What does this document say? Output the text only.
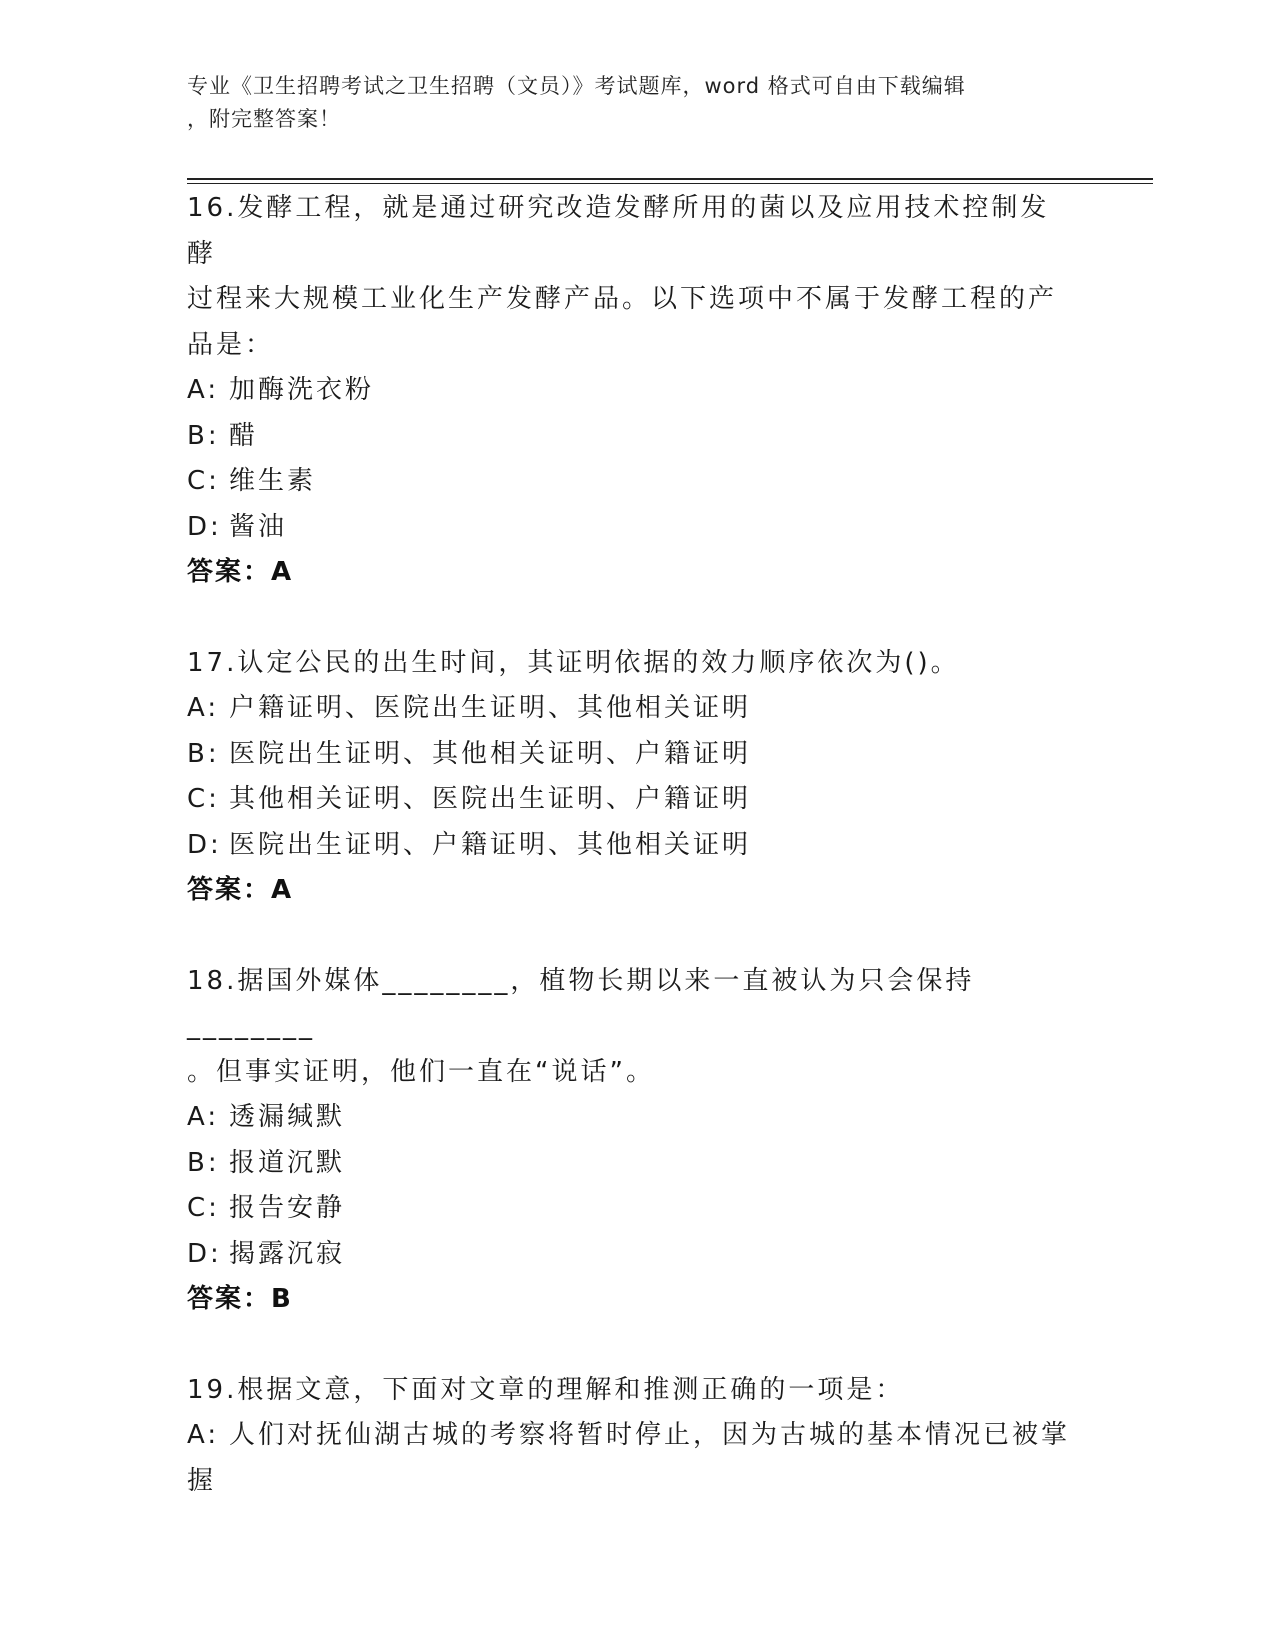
专业《卫生招聘考试之卫生招聘（文员）》考试题库，word 格式可自由下载编辑
，附完整答案！
16.发酵工程，就是通过研究改造发酵所用的菌以及应用技术控制发酵
过程来大规模工业化生产发酵产品。以下选项中不属于发酵工程的产
品是：
A: 加酶洗衣粉
B: 醋
C: 维生素
D: 酱油
答案：A
17.认定公民的出生时间，其证明依据的效力顺序依次为()。
A: 户籍证明、医院出生证明、其他相关证明
B: 医院出生证明、其他相关证明、户籍证明
C: 其他相关证明、医院出生证明、户籍证明
D: 医院出生证明、户籍证明、其他相关证明
答案：A
18.据国外媒体________，植物长期以来一直被认为只会保持________
。但事实证明，他们一直在“说话”。
A: 透漏缄默
B: 报道沉默
C: 报告安静
D: 揭露沉寂
答案：B
19.根据文意，下面对文章的理解和推测正确的一项是：
A: 人们对抚仙湖古城的考察将暂时停止，因为古城的基本情况已被掌
握
